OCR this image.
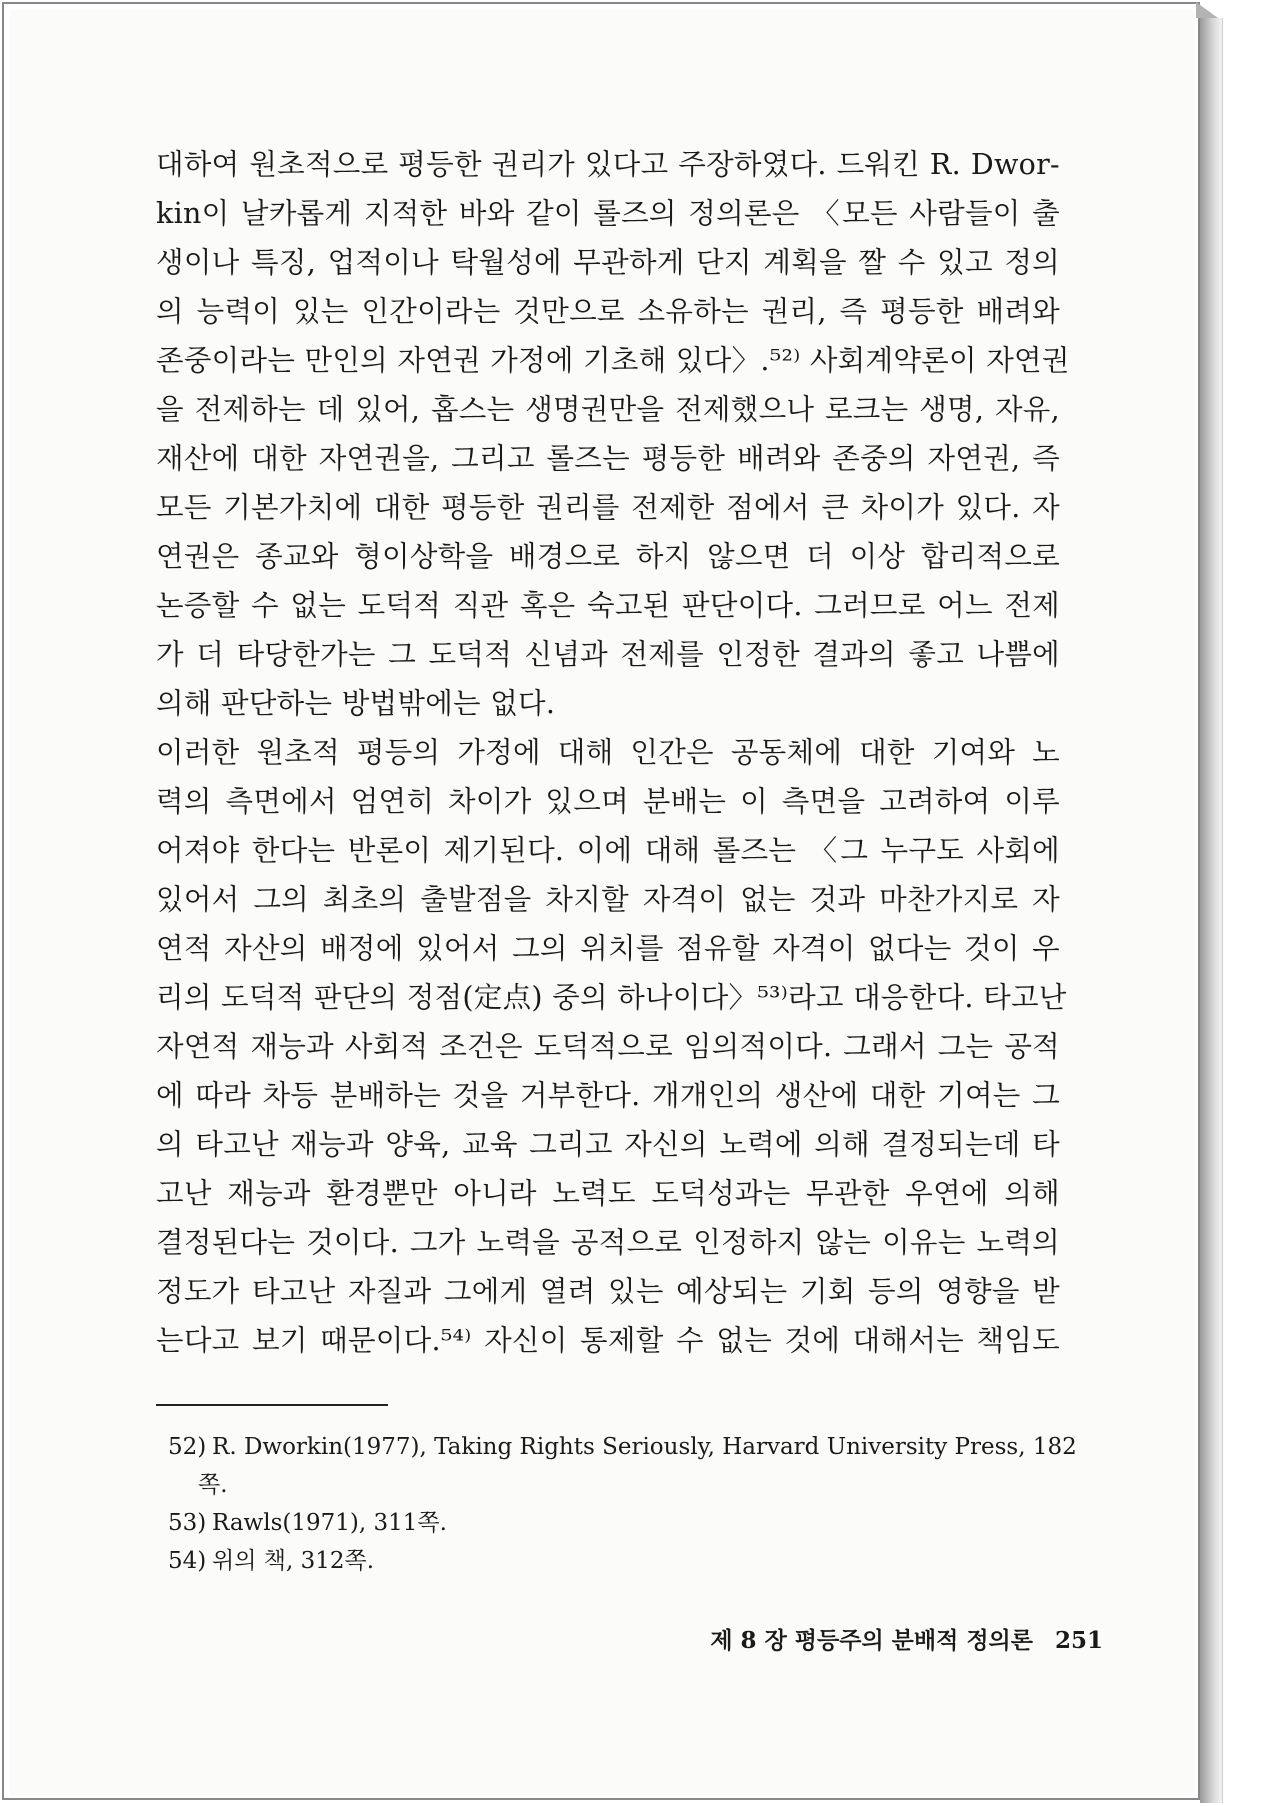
대하여 원초적으로 평등한 권리가 있다고 주장하였다. 드워킨 R. Dwor-
kin이 날카롭게 지적한 바와 같이 롤즈의 정의론은 〈모든 사람들이 출
생이나 특징, 업적이나 탁월성에 무관하게 단지 계획을 짤 수 있고 정의
의 능력이 있는 인간이라는 것만으로 소유하는 권리, 즉 평등한 배려와
존중이라는 만인의 자연권 가정에 기초해 있다〉.⁵²⁾ 사회계약론이 자연권
을 전제하는 데 있어, 홉스는 생명권만을 전제했으나 로크는 생명, 자유,
재산에 대한 자연권을, 그리고 롤즈는 평등한 배려와 존중의 자연권, 즉
모든 기본가치에 대한 평등한 권리를 전제한 점에서 큰 차이가 있다. 자
연권은 종교와 형이상학을 배경으로 하지 않으면 더 이상 합리적으로
논증할 수 없는 도덕적 직관 혹은 숙고된 판단이다. 그러므로 어느 전제
가 더 타당한가는 그 도덕적 신념과 전제를 인정한 결과의 좋고 나쁨에
의해 판단하는 방법밖에는 없다.
이러한 원초적 평등의 가정에 대해 인간은 공동체에 대한 기여와 노
력의 측면에서 엄연히 차이가 있으며 분배는 이 측면을 고려하여 이루
어져야 한다는 반론이 제기된다. 이에 대해 롤즈는 〈그 누구도 사회에
있어서 그의 최초의 출발점을 차지할 자격이 없는 것과 마찬가지로 자
연적 자산의 배정에 있어서 그의 위치를 점유할 자격이 없다는 것이 우
리의 도덕적 판단의 정점(定点) 중의 하나이다〉⁵³⁾라고 대응한다. 타고난
자연적 재능과 사회적 조건은 도덕적으로 임의적이다. 그래서 그는 공적
에 따라 차등 분배하는 것을 거부한다. 개개인의 생산에 대한 기여는 그
의 타고난 재능과 양육, 교육 그리고 자신의 노력에 의해 결정되는데 타
고난 재능과 환경뿐만 아니라 노력도 도덕성과는 무관한 우연에 의해
결정된다는 것이다. 그가 노력을 공적으로 인정하지 않는 이유는 노력의
정도가 타고난 자질과 그에게 열려 있는 예상되는 기회 등의 영향을 받
는다고 보기 때문이다.⁵⁴⁾ 자신이 통제할 수 없는 것에 대해서는 책임도
52) R. Dworkin(1977), Taking Rights Seriously, Harvard University Press, 182
쪽.
53) Rawls(1971), 311쪽.
54) 위의 책, 312쪽.
제 8 장 평등주의 분배적 정의론 251
